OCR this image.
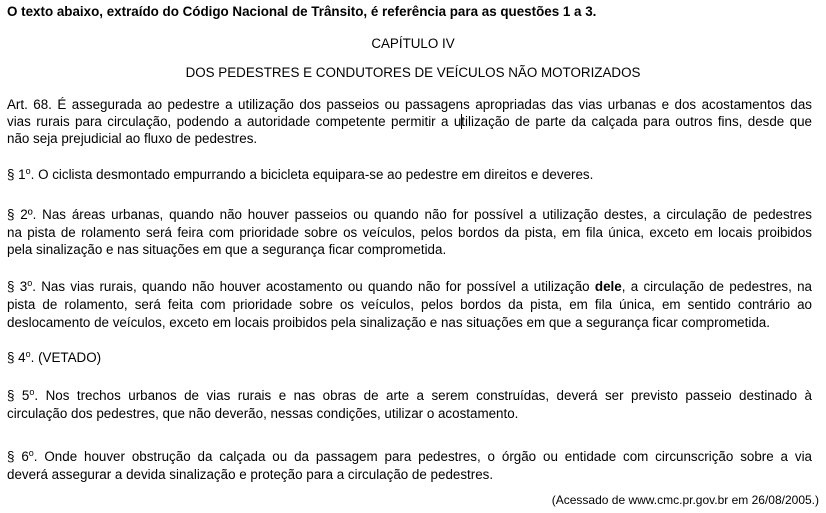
O texto abaixo, extraído do Código Nacional de Trânsito, é referência para as questões 1 a 3.
CAPÍTULO IV
DOS PEDESTRES E CONDUTORES DE VEÍCULOS NÃO MOTORIZADOS
Art. 68. É assegurada ao pedestre a utilização dos passeios ou passagens apropriadas das vias urbanas e dos acostamentos das
vias rurais para circulação, podendo a autoridade competente permitir a utilização de parte da calçada para outros fins, desde que
não seja prejudicial ao fluxo de pedestres.
§ 1$^o$. O ciclista desmontado empurrando a bicicleta equipara-se ao pedestre em direitos e deveres.
§ 2º. Nas áreas urbanas, quando não houver passeios ou quando não for possível a utilização destes, a circulação de pedestres
na pista de rolamento será feira com prioridade sobre os veículos, pelos bordos da pista, em fila única, exceto em locais proibidos
pela sinalização e nas situações em que a segurança ficar comprometida.
§ 3$^o$. Nas vias rurais, quando não houver acostamento ou quando não for possível a utilização dele, a circulação de pedestres, na
pista de rolamento, será feita com prioridade sobre os veículos, pelos bordos da pista, em fila única, em sentido contrário ao
deslocamento de veículos, exceto em locais proibidos pela sinalização e nas situações em que a segurança ficar comprometida.
§ 4$^o$. (VETADO)
§ 5$^o$. Nos trechos urbanos de vias rurais e nas obras de arte a serem construídas, deverá ser previsto passeio destinado à
circulação dos pedestres, que não deverão, nessas condições, utilizar o acostamento.
§ 6$^o$. Onde houver obstrução da calçada ou da passagem para pedestres, o órgão ou entidade com circunscrição sobre a via
deverá assegurar a devida sinalização e proteção para a circulação de pedestres.
(Acessado de www.cmc.pr.gov.br em 26/08/2005.)
